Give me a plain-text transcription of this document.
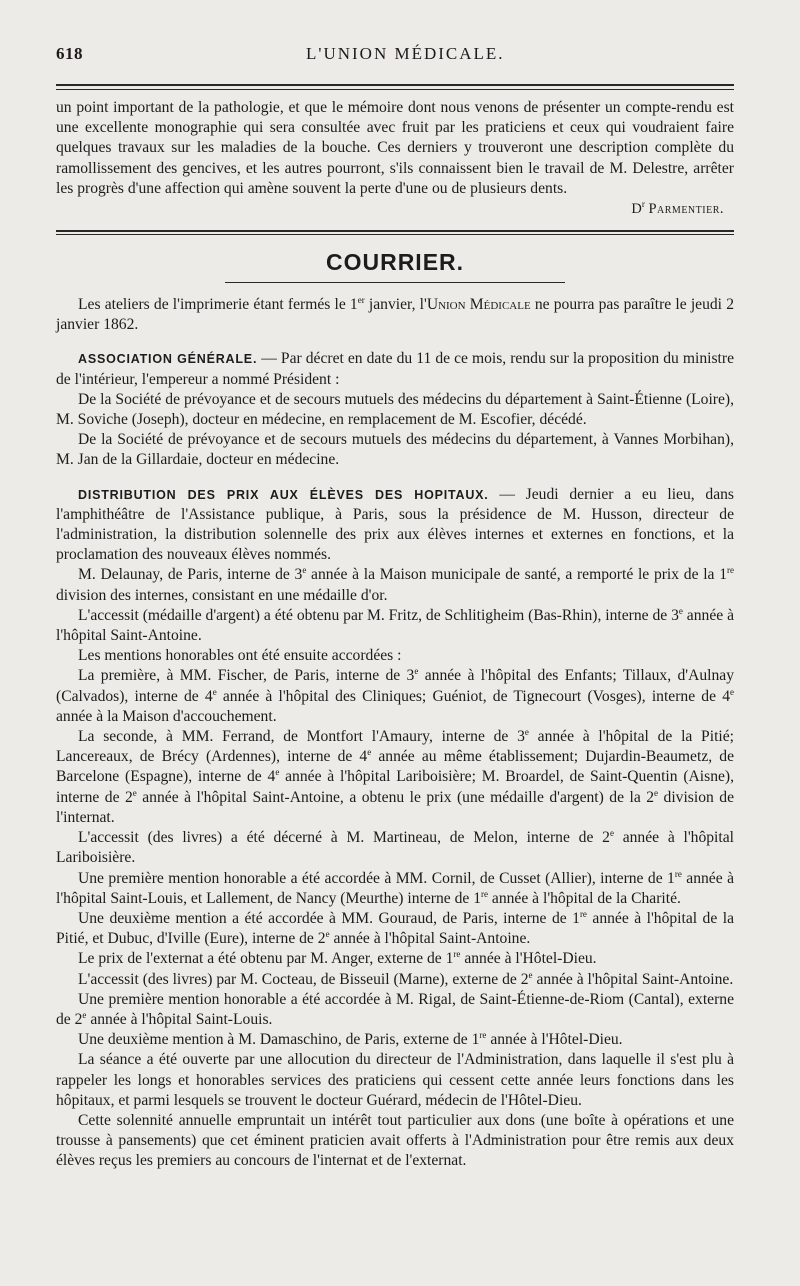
618	L'UNION MÉDICALE.

un point important de la pathologie, et que le mémoire dont nous venons de présenter un compte-rendu est une excellente monographie qui sera consultée avec fruit par les praticiens et ceux qui voudraient faire quelques travaux sur les maladies de la bouche. Ces derniers y trouveront une description complète du ramollissement des gencives, et les autres pourront, s'ils connaissent bien le travail de M. Delestre, arrêter les progrès d'une affection qui amène souvent la perte d'une ou de plusieurs dents.

$D^r$ Parmentier.
COURRIER.

Les ateliers de l'imprimerie étant fermés le 1er janvier, l'Union Médicale ne pourra pas paraître le jeudi 2 janvier 1862.

ASSOCIATION GÉNÉRALE. — Par décret en date du 11 de ce mois, rendu sur la proposition du ministre de l'intérieur, l'empereur a nommé Président :

De la Société de prévoyance et de secours mutuels des médecins du département à Saint-Étienne (Loire), M. Soviche (Joseph), docteur en médecine, en remplacement de M. Escofier, décédé.

De la Société de prévoyance et de secours mutuels des médecins du département, à Vannes Morbihan), M. Jan de la Gillardaie, docteur en médecine.

DISTRIBUTION DES PRIX AUX ÉLÈVES DES HOPITAUX. — Jeudi dernier a eu lieu, dans l'amphithéâtre de l'Assistance publique, à Paris, sous la présidence de M. Husson, directeur de l'administration, la distribution solennelle des prix aux élèves internes et externes en fonctions, et la proclamation des nouveaux élèves nommés.

M. Delaunay, de Paris, interne de 3e année à la Maison municipale de santé, a remporté le prix de la 1re division des internes, consistant en une médaille d'or.

L'accessit (médaille d'argent) a été obtenu par M. Fritz, de Schlitigheim (Bas-Rhin), interne de 3e année à l'hôpital Saint-Antoine.

Les mentions honorables ont été ensuite accordées :

La première, à MM. Fischer, de Paris, interne de 3e année à l'hôpital des Enfants; Tillaux, d'Aulnay (Calvados), interne de 4e année à l'hôpital des Cliniques; Guéniot, de Tignecourt (Vosges), interne de 4e année à la Maison d'accouchement.

La seconde, à MM. Ferrand, de Montfort l'Amaury, interne de 3e année à l'hôpital de la Pitié; Lancereaux, de Brécy (Ardennes), interne de 4e année au même établissement; Dujardin-Beaumetz, de Barcelone (Espagne), interne de 4e année à l'hôpital Lariboisière; M. Broardel, de Saint-Quentin (Aisne), interne de 2e année à l'hôpital Saint-Antoine, a obtenu le prix (une médaille d'argent) de la 2e division de l'internat.

L'accessit (des livres) a été décerné à M. Martineau, de Melon, interne de 2e année à l'hôpital Lariboisière.

Une première mention honorable a été accordée à MM. Cornil, de Cusset (Allier), interne de 1re année à l'hôpital Saint-Louis, et Lallement, de Nancy (Meurthe) interne de 1re année à l'hôpital de la Charité.

Une deuxième mention a été accordée à MM. Gouraud, de Paris, interne de 1re année à l'hôpital de la Pitié, et Dubuc, d'Iville (Eure), interne de 2e année à l'hôpital Saint-Antoine.

Le prix de l'externat a été obtenu par M. Anger, externe de 1re année à l'Hôtel-Dieu.

L'accessit (des livres) par M. Cocteau, de Bisseuil (Marne), externe de 2e année à l'hôpital Saint-Antoine.

Une première mention honorable a été accordée à M. Rigal, de Saint-Étienne-de-Riom (Cantal), externe de 2e année à l'hôpital Saint-Louis.

Une deuxième mention à M. Damaschino, de Paris, externe de 1re année à l'Hôtel-Dieu.

La séance a été ouverte par une allocution du directeur de l'Administration, dans laquelle il s'est plu à rappeler les longs et honorables services des praticiens qui cessent cette année leurs fonctions dans les hôpitaux, et parmi lesquels se trouvent le docteur Guérard, médecin de l'Hôtel-Dieu.

Cette solennité annuelle empruntait un intérêt tout particulier aux dons (une boîte à opérations et une trousse à pansements) que cet éminent praticien avait offerts à l'Administration pour être remis aux deux élèves reçus les premiers au concours de l'internat et de l'externat.
